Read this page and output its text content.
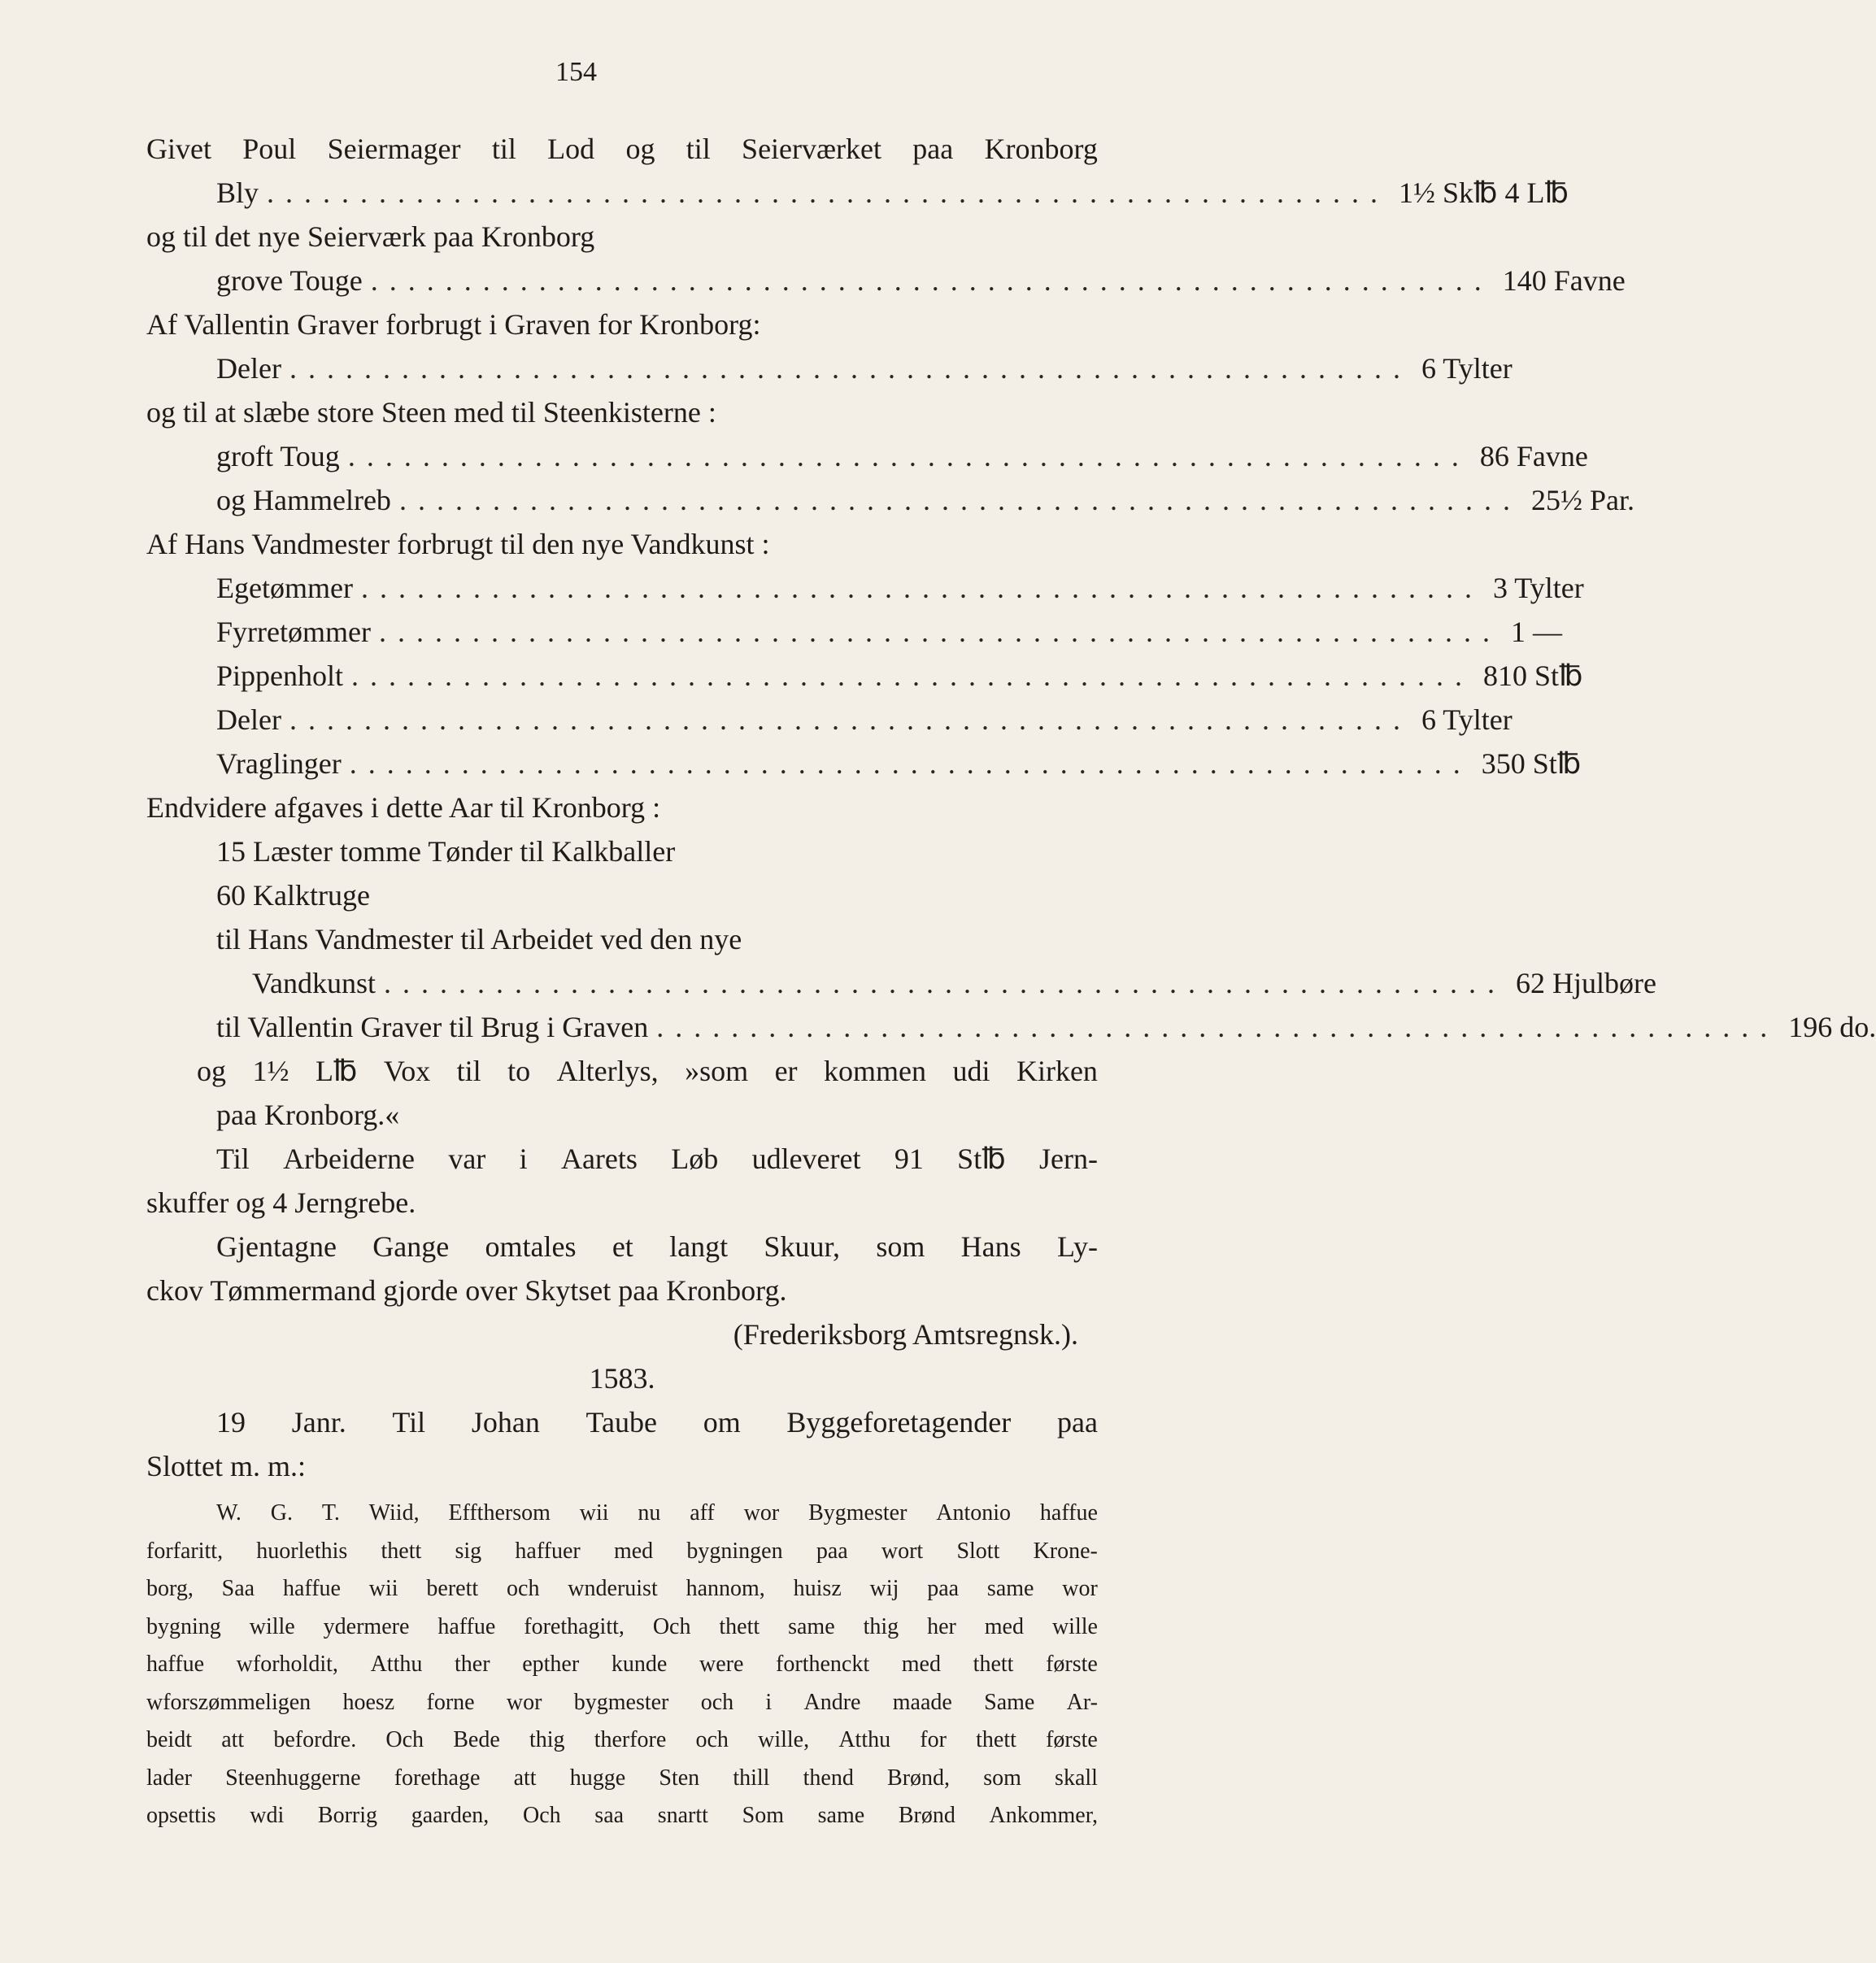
154
Givet Poul Seiermager til Lod og til Seierværket paa Kronborg
Bly ............................................................ 1½ Sk℔ 4 L℔
og til det nye Seierværk paa Kronborg
grove Touge ............................................................ 140 Favne
Af Vallentin Graver forbrugt i Graven for Kronborg:
Deler ............................................................ 6 Tylter
og til at slæbe store Steen med til Steenkisterne :
groft Toug ............................................................ 86 Favne
og Hammelreb ............................................................ 25½ Par.
Af Hans Vandmester forbrugt til den nye Vandkunst :
Egetømmer ............................................................ 3 Tylter
Fyrretømmer ............................................................ 1 —
Pippenholt ............................................................ 810 St℔
Deler ............................................................ 6 Tylter
Vraglinger ............................................................ 350 St℔
Endvidere afgaves i dette Aar til Kronborg :
15 Læster tomme Tønder til Kalkballer
60 Kalktruge
til Hans Vandmester til Arbeidet ved den nye
Vandkunst ............................................................ 62 Hjulbøre
til Vallentin Graver til Brug i Graven ............................................................ 196 do.
og 1½ L℔ Vox til to Alterlys, »som er kommen udi Kirken
paa Kronborg.«
Til Arbeiderne var i Aarets Løb udleveret 91 St℔ Jern-
skuffer og 4 Jerngrebe.
Gjentagne Gange omtales et langt Skuur, som Hans Ly-
ckov Tømmermand gjorde over Skytset paa Kronborg.
(Frederiksborg Amtsregnsk.).
1583.
19 Janr. Til Johan Taube om Byggeforetagender paa
Slottet m. m.:
W. G. T. Wiid, Effthersom wii nu aff wor Bygmester Antonio haffue
forfaritt, huorlethis thett sig haffuer med bygningen paa wort Slott Krone-
borg, Saa haffue wii berett och wnderuist hannom, huisz wij paa same wor
bygning wille ydermere haffue forethagitt, Och thett same thig her med wille
haffue wforholdit, Atthu ther epther kunde were forthenckt med thett første
wforszømmeligen hoesz forne wor bygmester och i Andre maade Same Ar-
beidt att befordre. Och Bede thig therfore och wille, Atthu for thett første
lader Steenhuggerne forethage att hugge Sten thill thend Brønd, som skall
opsettis wdi Borrig gaarden, Och saa snartt Som same Brønd Ankommer,
